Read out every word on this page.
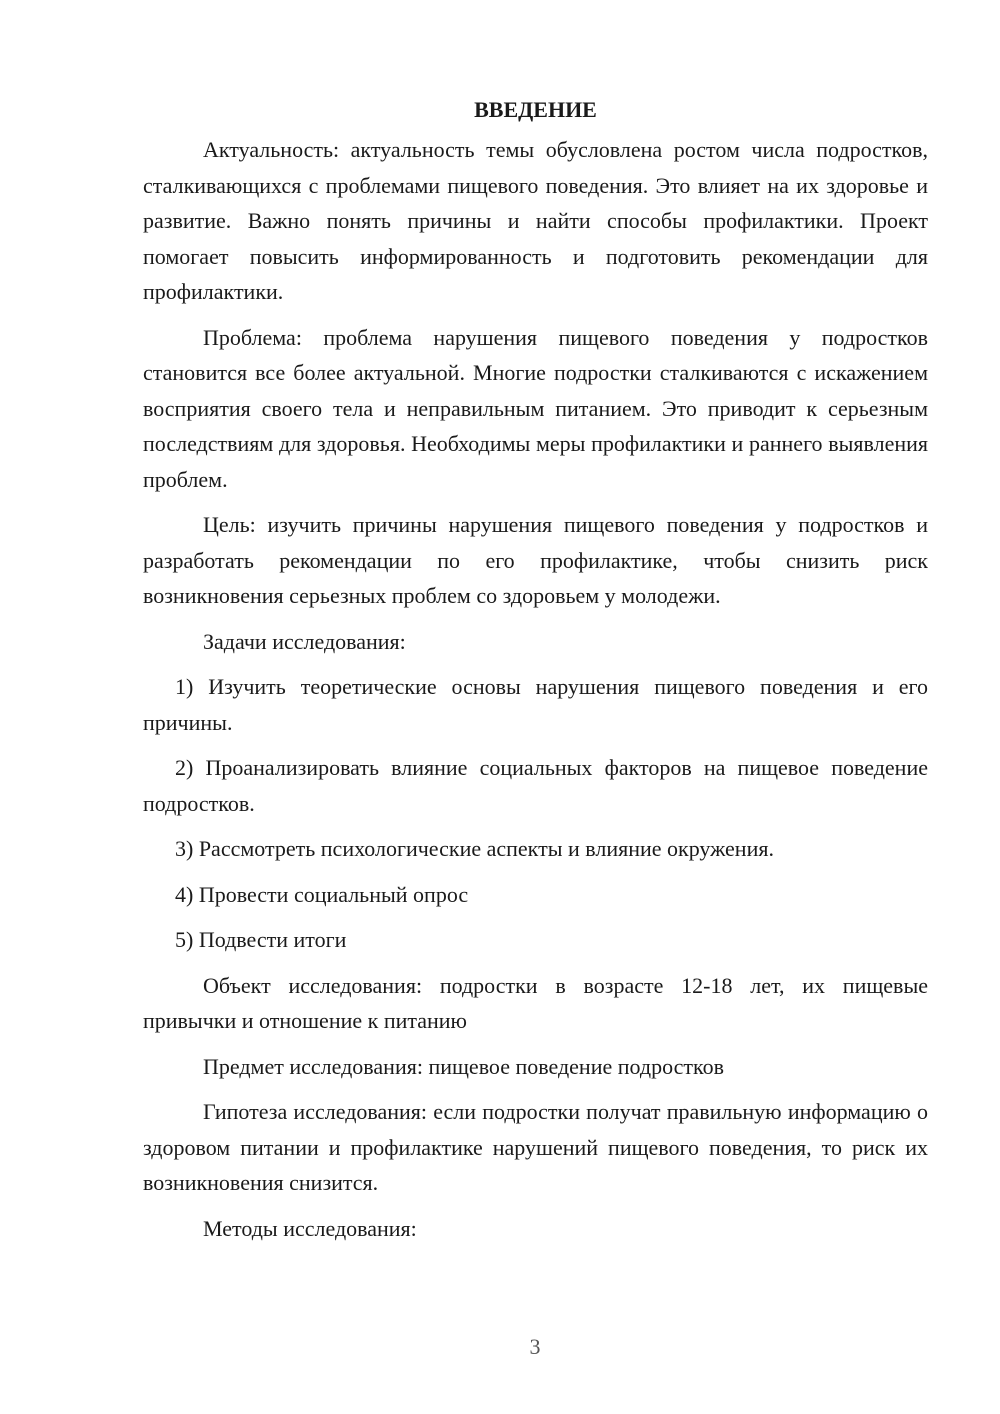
ВВЕДЕНИЕ

Актуальность: актуальность темы обусловлена ростом числа подростков, сталкивающихся с проблемами пищевого поведения. Это влияет на их здоровье и развитие. Важно понять причины и найти способы профилактики. Проект помогает повысить информированность и подготовить рекомендации для профилактики.

Проблема: проблема нарушения пищевого поведения у подростков становится все более актуальной. Многие подростки сталкиваются с искажением восприятия своего тела и неправильным питанием. Это приводит к серьезным последствиям для здоровья. Необходимы меры профилактики и раннего выявления проблем.

Цель: изучить причины нарушения пищевого поведения у подростков и разработать рекомендации по его профилактике, чтобы снизить риск возникновения серьезных проблем со здоровьем у молодежи.

Задачи исследования:

1) Изучить теоретические основы нарушения пищевого поведения и его причины.

2) Проанализировать влияние социальных факторов на пищевое поведение подростков.

3) Рассмотреть психологические аспекты и влияние окружения.

4) Провести социальный опрос

5) Подвести итоги

Объект исследования: подростки в возрасте 12-18 лет, их пищевые привычки и отношение к питанию

Предмет исследования: пищевое поведение подростков

Гипотеза исследования: если подростки получат правильную информацию о здоровом питании и профилактике нарушений пищевого поведения, то риск их возникновения снизится.

Методы исследования:

3
